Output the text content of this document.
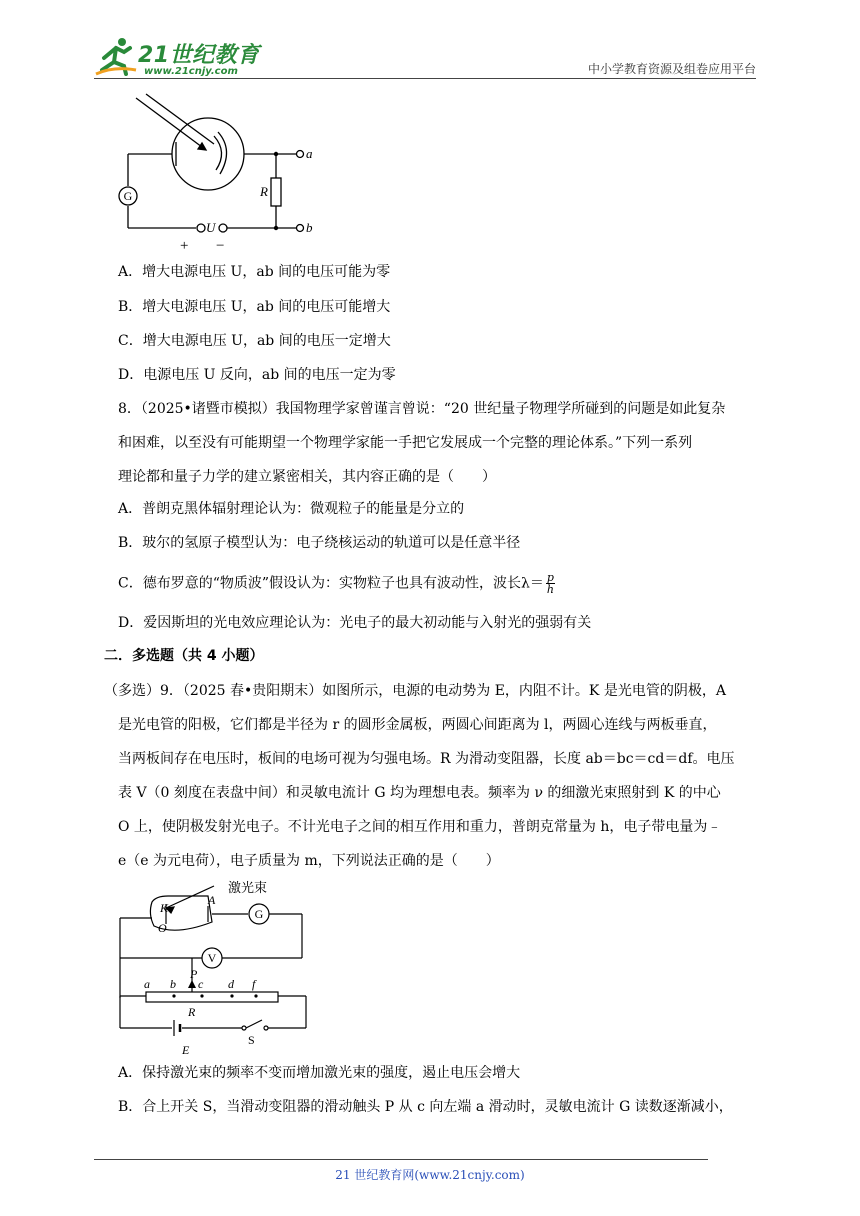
21世纪教育
www.21cnjy.com	中小学教育资源及组卷应用平台
G	R
a
b
U
+ −
A．增大电源电压 U，ab 间的电压可能为零
B．增大电源电压 U，ab 间的电压可能增大
C．增大电源电压 U，ab 间的电压一定增大
D．电源电压 U 反向，ab 间的电压一定为零
8．（2025•诸暨市模拟）我国物理学家曾谨言曾说：“20 世纪量子物理学所碰到的问题是如此复杂
和困难，以至没有可能期望一个物理学家能一手把它发展成一个完整的理论体系。”下列一系列
理论都和量子力学的建立紧密相关，其内容正确的是（　　）
A．普朗克黑体辐射理论认为：微观粒子的能量是分立的
B．玻尔的氢原子模型认为：电子绕核运动的轨道可以是任意半径
C．德布罗意的“物质波”假设认为：实物粒子也具有波动性，波长$\lambda= \frac{p}{h}$
D．爱因斯坦的光电效应理论认为：光电子的最大初动能与入射光的强弱有关
二．多选题（共 4 小题）
（多选）9．（2025 春•贵阳期末）如图所示，电源的电动势为 E，内阻不计。K 是光电管的阴极，A
是光电管的阳极，它们都是半径为 r 的圆形金属板，两圆心间距离为 l，两圆心连线与两板垂直，
当两板间存在电压时，板间的电场可视为匀强电场。R 为滑动变阻器，长度 ab＝bc＝cd＝df。电压
表 V（0 刻度在表盘中间）和灵敏电流计 G 均为理想电表。频率为 ν 的细激光束照射到 K 的中心
O 上，使阴极发射光电子。不计光电子之间的相互作用和重力，普朗克常量为 h，电子带电量为﹣
e（e 为元电荷），电子质量为 m，下列说法正确的是（　　）
激光束
K
A
O
G
V
P
a b c d f
R
S
E
A．保持激光束的频率不变而增加激光束的强度，遏止电压会增大
B．合上开关 S，当滑动变阻器的滑动触头 P 从 c 向左端 a 滑动时，灵敏电流计 G 读数逐渐减小，
21 世纪教育网(www.21cnjy.com)
